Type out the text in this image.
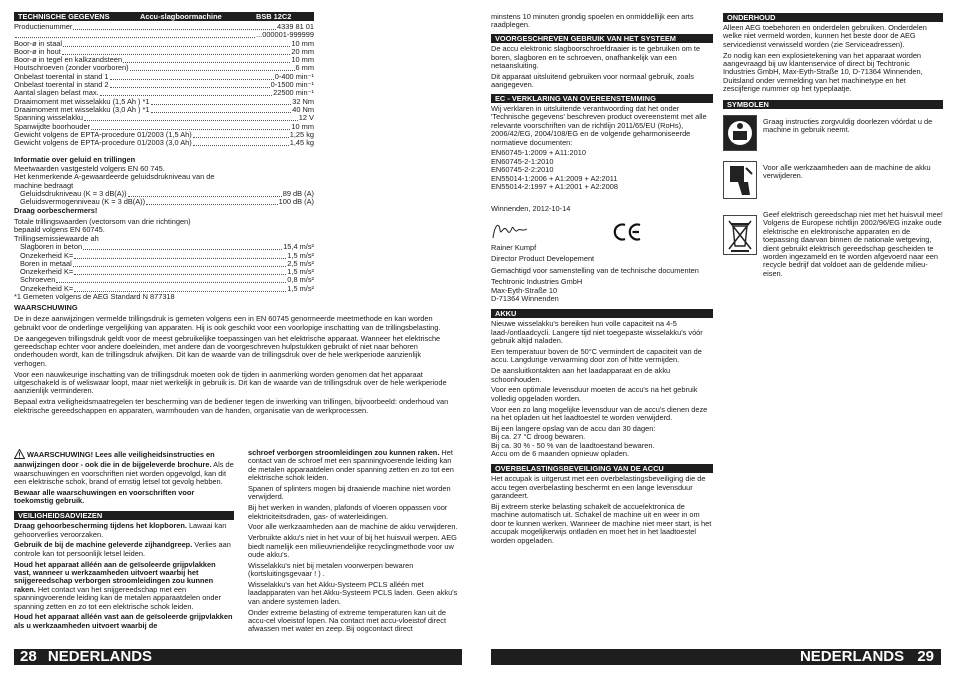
TECHNISCHE GEGEVENS	Accu-slagboormachine	BSB 12C2
Productienummer	4339 81 01
...000001-999999
Boor-ø in staal	10 mm
Boor-ø in hout	20 mm
Boor-ø in tegel en kalkzandsteen	10 mm
Houtschroeven (zonder voorboren)	6 mm
Onbelast toerental in stand 1	0-400 min⁻¹
Onbelast toerental in stand 2	0-1500 min⁻¹
Aantal slagen belast max.	22500 min⁻¹
Draaimoment met wisselakku (1,5 Ah ) *1	32 Nm
Draaimoment met wisselakku (3,0 Ah ) *1	40 Nm
Spanning wisselakku	12 V
Spanwijdte boorhouder	10 mm
Gewicht volgens de EPTA-procedure 01/2003 (1,5 Ah)	1,25 kg
Gewicht volgens de EPTA-procedure 01/2003 (3,0 Ah)	1,45 kg
Informatie over geluid en trillingen
Meetwaarden vastgesteld volgens EN 60 745.
Het kenmerkende A-gewaardeerde geluidsdrukniveau van de
machine bedraagt
Geluidsdrukniveau (K = 3 dB(A))	89 dB (A)
Geluidsvermogenniveau (K = 3 dB(A))	100 dB (A)
Draag oorbeschermers!
Totale trillingswaarden (vectorsom van drie richtingen)
bepaald volgens EN 60745.
Trillingsemissiewaarde ah
Slagboren in beton	15,4 m/s²
Onzekerheid K=	1,5 m/s²
Boren in metaal	2,5 m/s²
Onzekerheid K=	1,5 m/s²
Schroeven	0,8 m/s²
Onzekerheid K=	1,5 m/s²
*1 Gemeten volgens de AEG Standard N 877318
WAARSCHUWING

De in deze aanwijzingen vermelde trillingsdruk is gemeten volgens een in EN 60745 genormeerde meetmethode en kan worden gebruikt voor de onderlinge vergelijking van apparaten. Hij is ook geschikt voor een voorlopige inschatting van de trillingsbelasting.

De aangegeven trillingsdruk geldt voor de meest gebruikelijke toepassingen van het elektrische apparaat. Wanneer het elektrische gereedschap echter voor andere doeleinden, met andere dan de voorgeschreven hulpstukken gebruikt of niet naar behoren onderhouden wordt, kan de trillingsdruk afwijken. Dit kan de waarde van de trillingsdruk over de hele werkperiode aanzienlijk verhogen.

Voor een nauwkeurige inschatting van de trillingsdruk moeten ook de tijden in aanmerking worden genomen dat het apparaat uitgeschakeld is of weliswaar loopt, maar niet werkelijk in gebruik is. Dit kan de waarde van de trillingsdruk over de hele werkperiode aanzienlijk verminderen.

Bepaal extra veiligheidsmaatregelen ter bescherming van de bediener tegen de inwerking van trillingen, bijvoorbeeld: onderhoud van elektrische gereedschappen en apparaten, warmhouden van de handen, organisatie van de werkprocessen.

WAARSCHUWING! Lees alle veiligheidsinstructies en aanwijzingen door - ook die in de bijgeleverde brochure. Als de waarschuwingen en voorschriften niet worden opgevolgd, kan dit een elektrische schok, brand of ernstig letsel tot gevolg hebben.

Bewaar alle waarschuwingen en voorschriften voor toekomstig gebruik.

VEILIGHEIDSADVIEZEN

Draag gehoorbescherming tijdens het klopboren. Lawaai kan gehoorverlies veroorzaken.

Gebruik de bij de machine geleverde zijhandgreep. Verlies aan controle kan tot persoonlijk letsel leiden.

Houd het apparaat alléén aan de geïsoleerde grijpvlakken vast, wanneer u werkzaamheden uitvoert waarbij het snijgereedschap verborgen stroomleidingen zou kunnen raken. Het contact van het snijgereedschap met een spanningvoerende leiding kan de metalen apparaatdelen onder spanning zetten en zo tot een elektrische schok leiden.

Houd het apparaat alléén vast aan de geïsoleerde grijpvlakken als u werkzaamheden uitvoert waarbij de

schroef verborgen stroomleidingen zou kunnen raken. Het contact van de schroef met een spanningvoerende leiding kan de metalen apparaatdelen onder spanning zetten en zo tot een elektrische schok leiden.

Spanen of splinters mogen bij draaiende machine niet worden verwijderd.

Bij het werken in wanden, plafonds of vloeren oppassen voor elektriciteitsdraden, gas- of waterleidingen.

Voor alle werkzaamheden aan de machine de akku verwijderen.

Verbruikte akku's niet in het vuur of bij het huisvuil werpen. AEG biedt namelijk een milieuvriendelijke recyclingmethode voor uw oude akku's.

Wisselakku's niet bij metalen voorwerpen bewaren (kortsluitingsgevaar ! ) .

Wisselakku's van het Akku-Systeem PCLS alléén met laadapparaten van het Akku-Systeem PCLS laden. Geen akku's van andere systemen laden.

Onder extreme belasting of extreme temperaturen kan uit de accu-cel vloeistof lopen. Na contact met accu-vloeistof direct afwassen met water en zeep. Bij oogcontact direct

28 NEDERLANDS

minstens 10 minuten grondig spoelen en onmiddellijk een arts raadplegen.

VOORGESCHREVEN GEBRUIK VAN HET SYSTEEM

De accu elektronic slagboorschroefdraaier is te gebruiken om te boren, slagboren en te schroeven, onafhankelijk van een netaansluiting.

Dit apparaat uitsluitend gebruiken voor normaal gebruik, zoals aangegeven.

EC - VERKLARING VAN OVEREENSTEMMING

Wij verklaren in uitsluitende verantwoording dat het onder 'Technische gegevens' beschreven product overeenstemt met alle relevante voorschriften van de richtlijn 2011/65/EU (RoHs), 2006/42/EG, 2004/108/EG en de volgende geharmoniseerde normatieve documenten:

EN60745-1:2009 + A11:2010
EN60745-2-1:2010
EN60745-2-2:2010
EN55014-1:2006 + A1:2009 + A2:2011
EN55014-2:1997 + A1:2001 + A2:2008
Winnenden, 2012-10-14
Rainer Kumpf
Director Product Developement
Gemachtigd voor samenstelling van de technische documenten
Techtronic Industries GmbH
Max-Eyth-Straße 10
D-71364 Winnenden
AKKU

Nieuwe wisselakku's bereiken hun volle capaciteit na 4-5 laad-/ontlaadcycli. Langere tijd niet toegepaste wisselakku's vóór gebruik altijd naladen.

Een temperatuur boven de 50°C vermindert de capaciteit van de accu. Langdurige verwarming door zon of hitte vermijden.

De aansluitkontakten aan het laadapparaat en de akku schoonhouden.

Voor een optimale levensduur moeten de accu's na het gebruik volledig opgeladen worden.

Voor een zo lang mogelijke levensduur van de accu's dienen deze na het opladen uit het laadtoestel te worden verwijderd.

Bij een langere opslag van de accu dan 30 dagen:
Bij ca. 27 °C droog bewaren.
Bij ca. 30 % - 50 % van de laadtoestand bewaren.
Accu om de 6 maanden opnieuw opladen.
OVERBELASTINGSBEVEILIGING VAN DE ACCU

Het accupak is uitgerust met een overbelastingsbeveiliging die de accu tegen overbelasting beschermt en een lange levensduur garandeert.

Bij extreem sterke belasting schakelt de accuelektronica de machine automatisch uit. Schakel de machine uit en weer in om door te kunnen werken. Wanneer de machine niet meer start, is het accupak mogelijkerwijs ontladen en moet het in het laadtoestel worden opgeladen.

ONDERHOUD

Alleen AEG toebehoren en onderdelen gebruiken. Onderdelen welke niet vermeld worden, kunnen het beste door de AEG servicedienst verwisseld worden (zie Serviceadressen).

Zo nodig kan een explosietekening van het apparaat worden aangevraagd bij uw klantenservice of direct bij Techtronic Industries GmbH, Max-Eyth-Straße 10, D-71364 Winnenden, Duitsland onder vermelding van het machinetype en het zescijferige nummer op het typeplaatje.

SYMBOLEN
Graag instructies zorgvuldig doorlezen vóórdat u de machine in gebruik neemt.
Voor alle werkzaamheden aan de machine de akku verwijderen.
Geef elektrisch gereedschap niet met het huisvuil mee! Volgens de Europese richtlijn 2002/96/EG inzake oude elektrische en elektronische apparaten en de toepassing daarvan binnen de nationale wetgeving, dient gebruikt elektrisch gereedschap gescheiden te worden ingezameld en te worden afgevoerd naar een recycle bedrijf dat voldoet aan de geldende milieu-eisen.
NEDERLANDS 29
